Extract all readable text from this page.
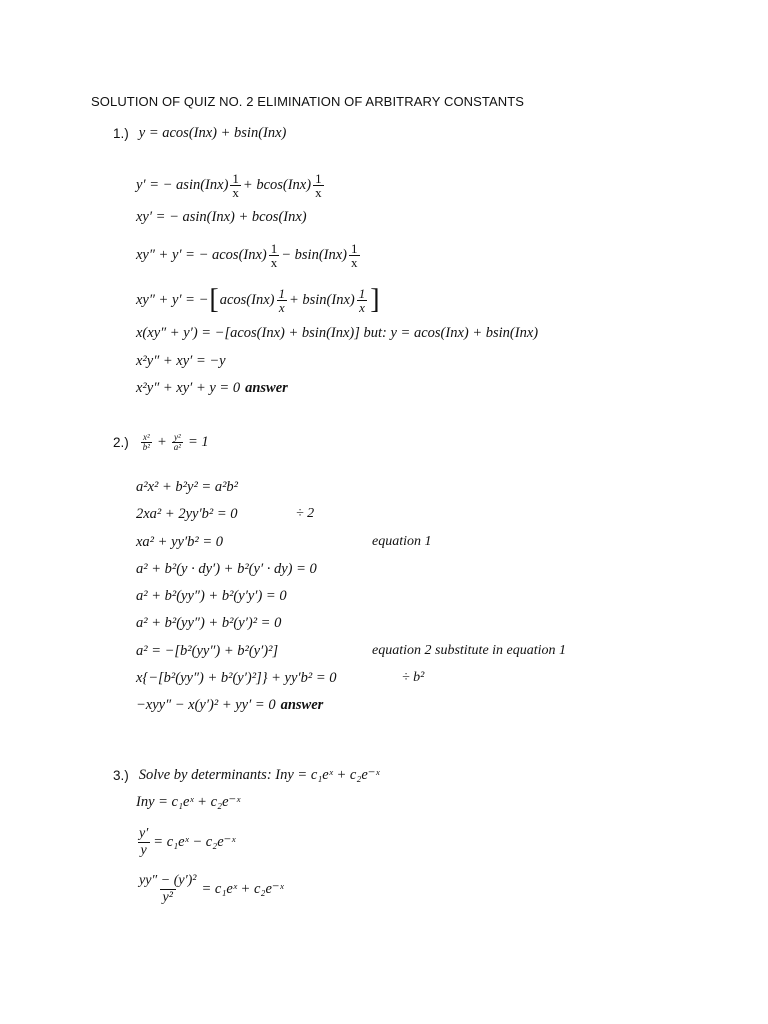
SOLUTION OF QUIZ NO. 2 ELIMINATION OF ARBITRARY CONSTANTS
1.) y = acos(Inx) + bsin(Inx)
y′ = − $asin(Inx) \frac{1}{x} + bcos(Inx) \frac{1}{x}$
xy′ = − asin(Inx) + bcos(Inx)
xy″ + y′ = − $acos(Inx) \frac{1}{x} - bsin(Inx) \frac{1}{x}$
xy″ + y′ = − [ $acos(Inx) \frac{1}{x} + bsin(Inx) \frac{1}{x}$ ]
x(xy″ + y′) = −[acos(Inx) + bsin(Inx)] but: y = acos(Inx) + bsin(Inx)
x²y″ + xy′ = −y
x²y″ + xy′ + y = 0 answer
$2.) \frac{\text{x²}}{\text{b²}} + \frac{\text{y²}}{\text{a²}} = 1$
a²x² + b²y² = a²b²
2xa² + 2yy′b² = 0	÷ 2
xa² + yy′b² = 0	equation 1
a² + b²(y · dy′) + b²(y′ · dy) = 0
a² + b²(yy″) + b²(y′y′) = 0
a² + b²(yy″) + b²(y′)² = 0
a² = −[b²(yy″) + b²(y′)²]	equation 2 substitute in equation 1
x{−[b²(yy″) + b²(y′)²]} + yy′b² = 0	÷ b²
−xyy″ − x(y′)² + yy′ = 0 answer
3.) Solve by determinants: Iny = c₁eˣ + c₂e⁻ˣ
Iny = c₁eˣ + c₂e⁻ˣ
$\frac{y'}{y}$ = c₁eˣ − c₂e⁻ˣ
$\frac{\text{yy″ − (y′)²}}{\text{y²}}$ = c₁eˣ + c₂e⁻ˣ
